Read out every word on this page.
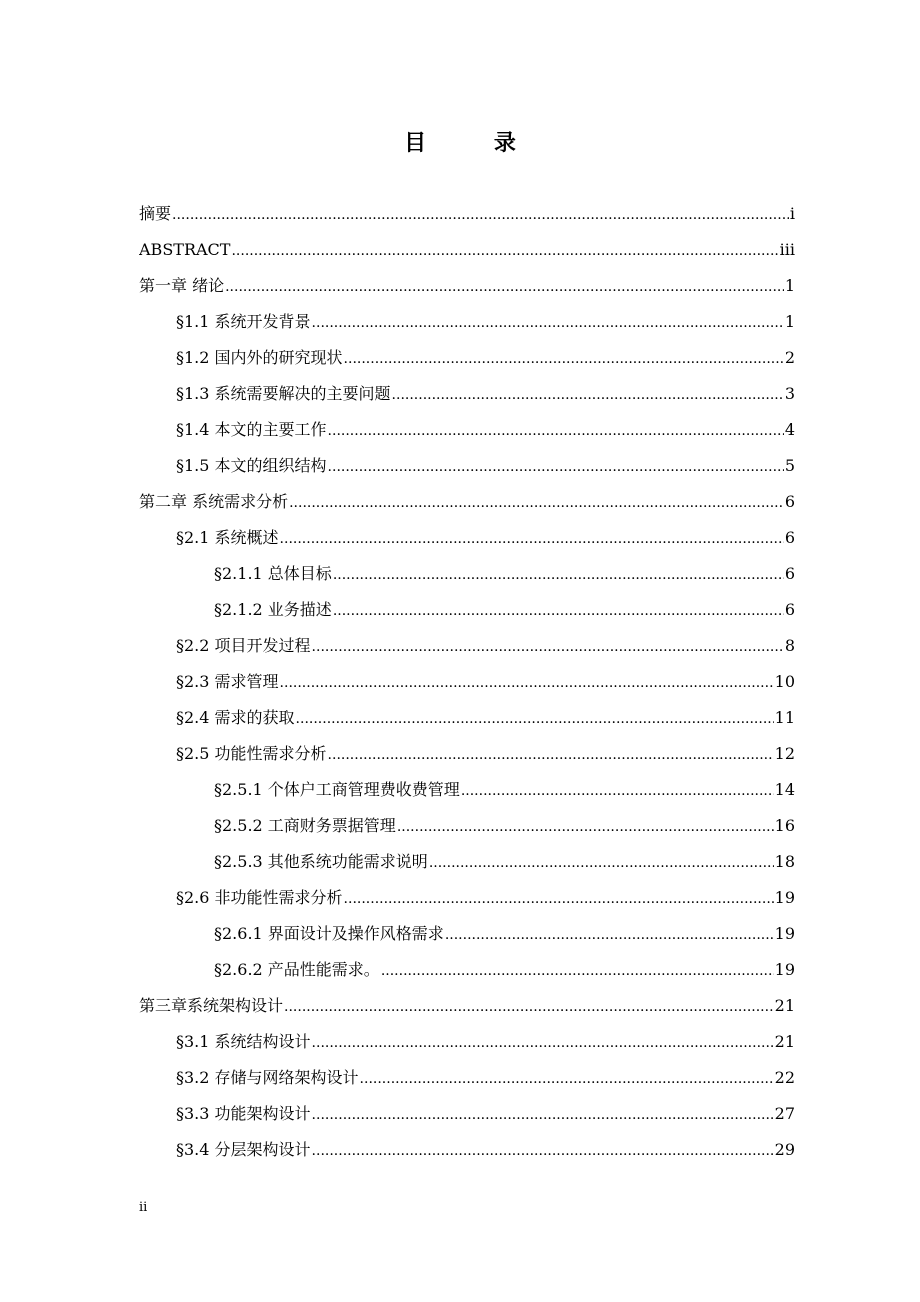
目 录
摘要 .....	i
ABSTRACT .....	iii
第一章 绪论 .....	1
§1.1 系统开发背景 .....	1
§1.2 国内外的研究现状 .....	2
§1.3 系统需要解决的主要问题 .....	3
§1.4 本文的主要工作 .....	4
§1.5 本文的组织结构 .....	5
第二章 系统需求分析 .....	6
§2.1 系统概述 .....	6
§2.1.1 总体目标 .....	6
§2.1.2 业务描述 .....	6
§2.2 项目开发过程 .....	8
§2.3 需求管理 .....	10
§2.4 需求的获取 .....	11
§2.5 功能性需求分析 .....	12
§2.5.1 个体户工商管理费收费管理 .....	14
§2.5.2 工商财务票据管理 .....	16
§2.5.3 其他系统功能需求说明 .....	18
§2.6 非功能性需求分析 .....	19
§2.6.1 界面设计及操作风格需求 .....	19
§2.6.2 产品性能需求。 .....	19
第三章系统架构设计 .....	21
§3.1 系统结构设计 .....	21
§3.2 存储与网络架构设计 .....	22
§3.3 功能架构设计 .....	27
§3.4 分层架构设计 .....	29
ii
